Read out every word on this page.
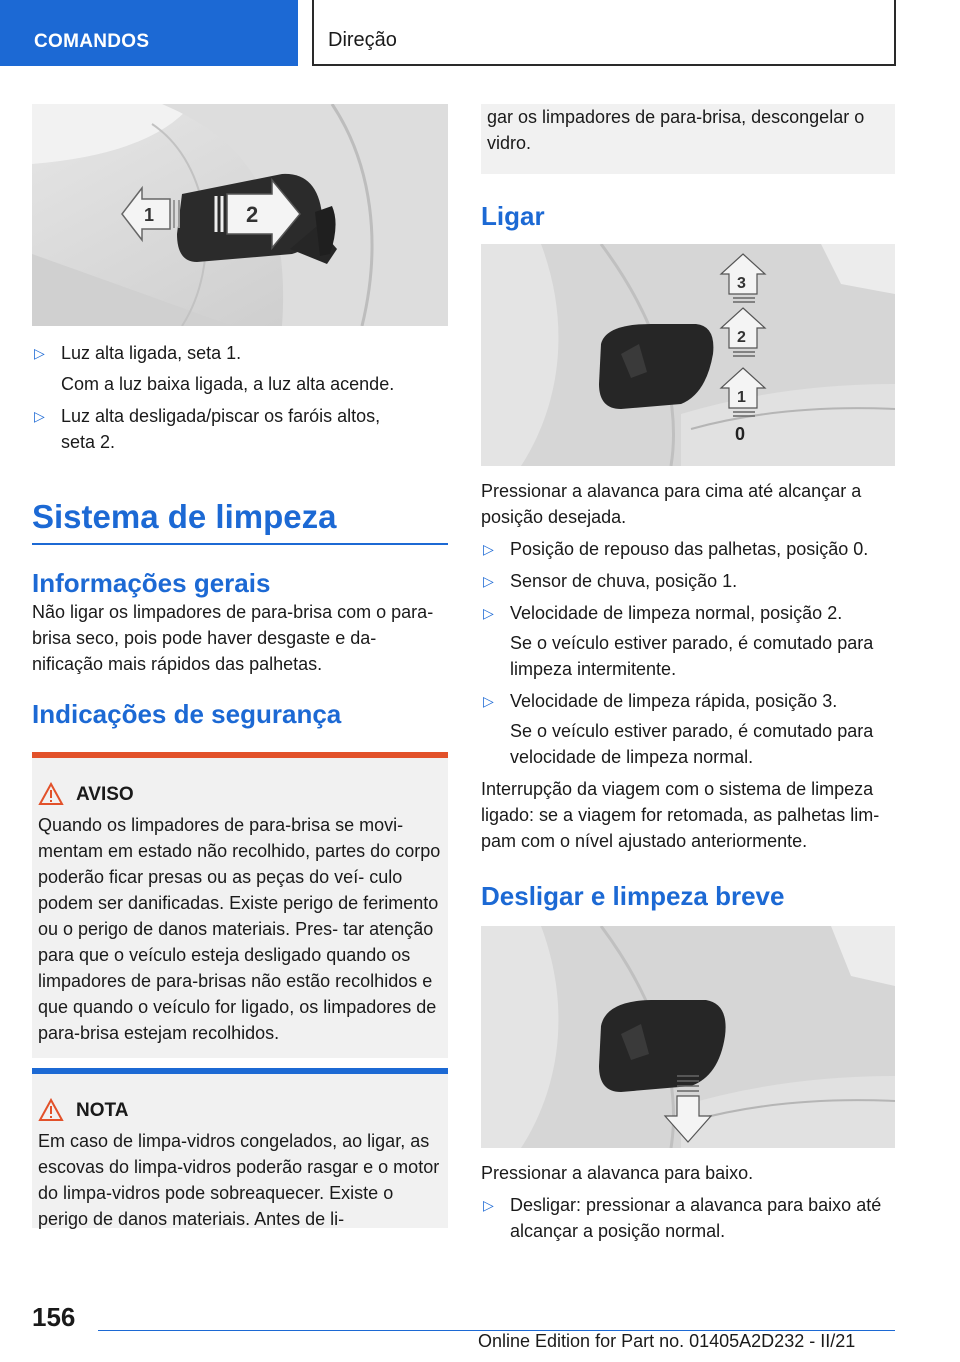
COMANDOS	Direção
1	2
▷ Luz alta ligada, seta 1.
Com a luz baixa ligada, a luz alta acende.
▷ Luz alta desligada/piscar os faróis altos, seta 2.
Sistema de limpeza
Informações gerais
Não ligar os limpadores de para-brisa com o para-brisa seco, pois pode haver desgaste e da- nificação mais rápidos das palhetas.
Indicações de segurança
AVISO
Quando os limpadores de para-brisa se movi- mentam em estado não recolhido, partes do corpo poderão ficar presas ou as peças do veí- culo podem ser danificadas. Existe perigo de ferimento ou o perigo de danos materiais. Pres- tar atenção para que o veículo esteja desligado quando os limpadores de para-brisas não estão recolhidos e que quando o veículo for ligado, os limpadores de para-brisa estejam recolhidos.
NOTA
Em caso de limpa-vidros congelados, ao ligar, as escovas do limpa-vidros poderão rasgar e o motor do limpa-vidros pode sobreaquecer. Existe o perigo de danos materiais. Antes de li-
gar os limpadores de para-brisa, descongelar o vidro.
Ligar
3
2
1
0
Pressionar a alavanca para cima até alcançar a posição desejada.
▷ Posição de repouso das palhetas, posição 0.
▷ Sensor de chuva, posição 1.
▷ Velocidade de limpeza normal, posição 2.
Se o veículo estiver parado, é comutado para limpeza intermitente.
▷ Velocidade de limpeza rápida, posição 3.
Se o veículo estiver parado, é comutado para velocidade de limpeza normal.
Interrupção da viagem com o sistema de limpeza ligado: se a viagem for retomada, as palhetas lim- pam com o nível ajustado anteriormente.
Desligar e limpeza breve
Pressionar a alavanca para baixo.
▷ Desligar: pressionar a alavanca para baixo até alcançar a posição normal.
156
Online Edition for Part no. 01405A2D232 - II/21
